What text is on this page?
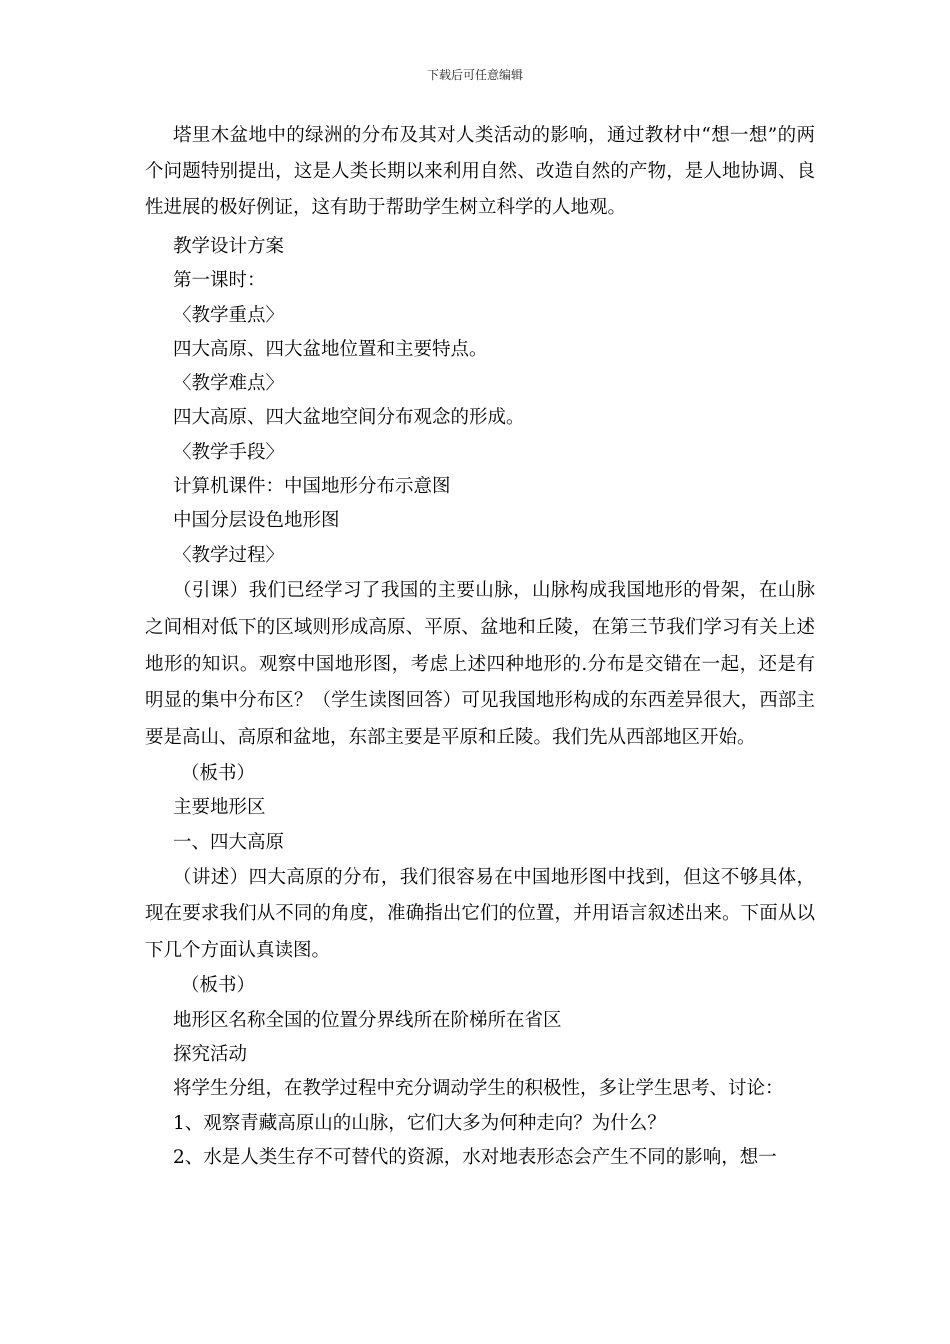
下载后可任意编辑

塔里木盆地中的绿洲的分布及其对人类活动的影响，通过教材中“想一想”的两个问题特别提出，这是人类长期以来利用自然、改造自然的产物，是人地协调、良性进展的极好例证，这有助于帮助学生树立科学的人地观。

教学设计方案

第一课时：

〈教学重点〉

四大高原、四大盆地位置和主要特点。

〈教学难点〉

四大高原、四大盆地空间分布观念的形成。

〈教学手段〉

计算机课件：中国地形分布示意图

中国分层设色地形图

〈教学过程〉

（引课）我们已经学习了我国的主要山脉，山脉构成我国地形的骨架，在山脉之间相对低下的区域则形成高原、平原、盆地和丘陵，在第三节我们学习有关上述地形的知识。观察中国地形图，考虑上述四种地形的.分布是交错在一起，还是有明显的集中分布区？（学生读图回答）可见我国地形构成的东西差异很大，西部主要是高山、高原和盆地，东部主要是平原和丘陵。我们先从西部地区开始。

（板书）

主要地形区

一、四大高原

（讲述）四大高原的分布，我们很容易在中国地形图中找到，但这不够具体，现在要求我们从不同的角度，准确指出它们的位置，并用语言叙述出来。下面从以下几个方面认真读图。

（板书）

地形区名称全国的位置分界线所在阶梯所在省区

探究活动

将学生分组，在教学过程中充分调动学生的积极性，多让学生思考、讨论：

1、观察青藏高原山的山脉，它们大多为何种走向？为什么？

2、水是人类生存不可替代的资源，水对地表形态会产生不同的影响，想一
